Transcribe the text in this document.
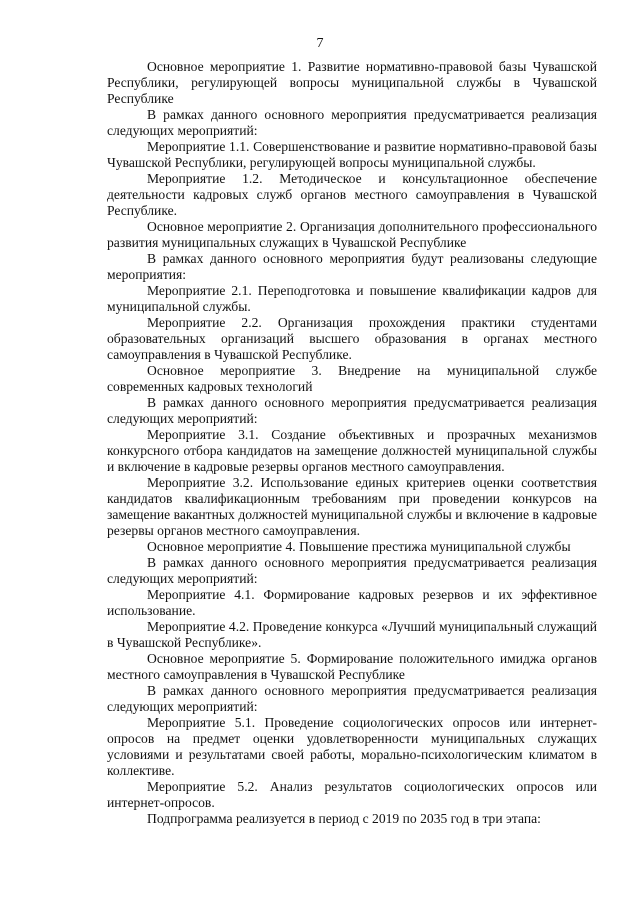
7

Основное мероприятие 1. Развитие нормативно-правовой базы Чувашской Республики, регулирующей вопросы муниципальной службы в Чувашской Республике

В рамках данного основного мероприятия предусматривается реализация следующих мероприятий:

Мероприятие 1.1. Совершенствование и развитие нормативно-правовой базы Чувашской Республики, регулирующей вопросы муниципальной службы.

Мероприятие 1.2. Методическое и консультационное обеспечение деятельности кадровых служб органов местного самоуправления в Чувашской Республике.

Основное мероприятие 2. Организация дополнительного профессионального развития муниципальных служащих в Чувашской Республике

В рамках данного основного мероприятия будут реализованы следующие мероприятия:

Мероприятие 2.1. Переподготовка и повышение квалификации кадров для муниципальной службы.

Мероприятие 2.2. Организация прохождения практики студентами образовательных организаций высшего образования в органах местного самоуправления в Чувашской Республике.

Основное мероприятие 3. Внедрение на муниципальной службе современных кадровых технологий

В рамках данного основного мероприятия предусматривается реализация следующих мероприятий:

Мероприятие 3.1. Создание объективных и прозрачных механизмов конкурсного отбора кандидатов на замещение должностей муниципальной службы и включение в кадровые резервы органов местного самоуправления.

Мероприятие 3.2. Использование единых критериев оценки соответствия кандидатов квалификационным требованиям при проведении конкурсов на замещение вакантных должностей муниципальной службы и включение в кадровые резервы органов местного самоуправления.

Основное мероприятие 4. Повышение престижа муниципальной службы

В рамках данного основного мероприятия предусматривается реализация следующих мероприятий:

Мероприятие 4.1. Формирование кадровых резервов и их эффективное использование.

Мероприятие 4.2. Проведение конкурса «Лучший муниципальный служащий в Чувашской Республике».

Основное мероприятие 5. Формирование положительного имиджа органов местного самоуправления в Чувашской Республике

В рамках данного основного мероприятия предусматривается реализация следующих мероприятий:

Мероприятие 5.1. Проведение социологических опросов или интернет-опросов на предмет оценки удовлетворенности муниципальных служащих условиями и результатами своей работы, морально-психологическим климатом в коллективе.

Мероприятие 5.2. Анализ результатов социологических опросов или интернет-опросов.

Подпрограмма реализуется в период с 2019 по 2035 год в три этапа:
